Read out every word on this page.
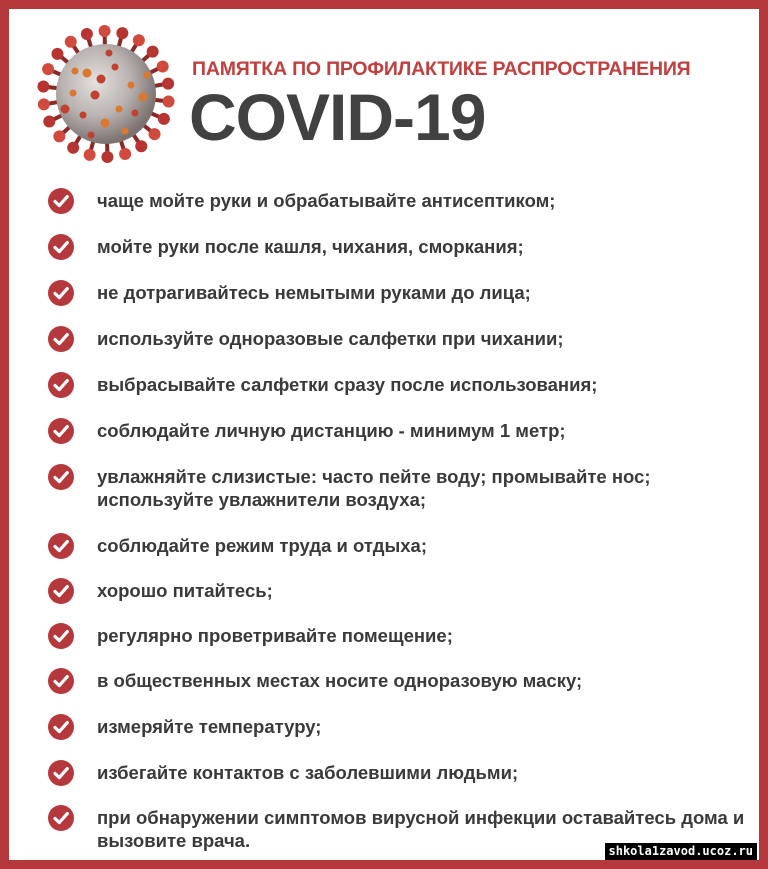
ПАМЯТКА ПО ПРОФИЛАКТИКЕ РАСПРОСТРАНЕНИЯ
COVID-19
чаще мойте руки и обрабатывайте антисептиком;
мойте руки после кашля, чихания, сморкания;
не дотрагивайтесь немытыми руками до лица;
используйте одноразовые салфетки при чихании;
выбрасывайте салфетки сразу после использования;
соблюдайте личную дистанцию - минимум 1 метр;
увлажняйте слизистые: часто пейте воду; промывайте нос; используйте увлажнители воздуха;
соблюдайте режим труда и отдыха;
хорошо питайтесь;
регулярно проветривайте помещение;
в общественных местах носите одноразовую маску;
измеряйте температуру;
избегайте контактов с заболевшими людьми;
при обнаружении симптомов вирусной инфекции оставайтесь дома и вызовите врача.	shkola1zavod.ucoz.ru
